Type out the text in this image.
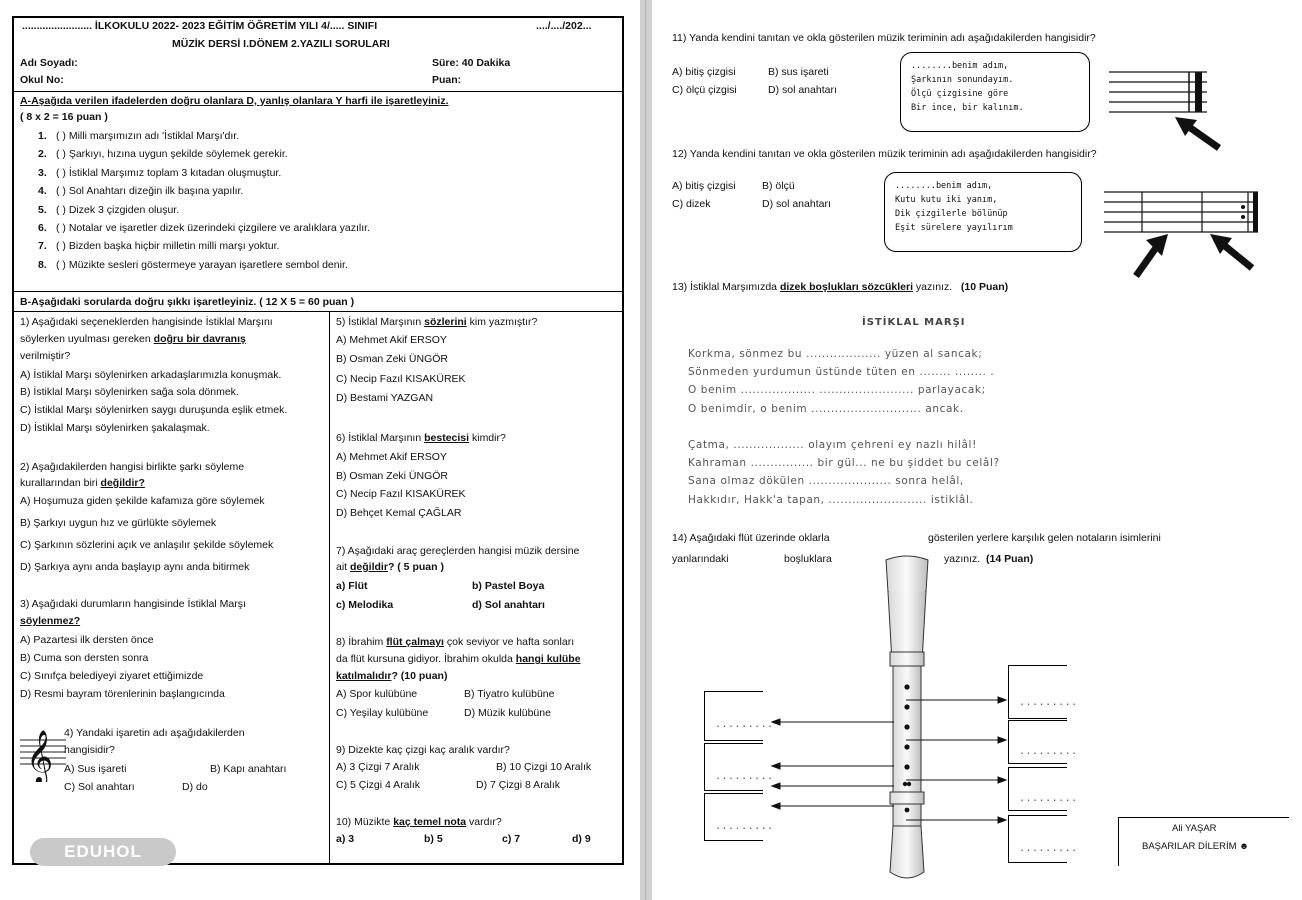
........................ İLKOKULU 2022- 2023 EĞİTİM ÖĞRETİM YILI 4/..... SINIFI	..../..../202...
MÜZİK DERSİ I.DÖNEM 2.YAZILI SORULARI
Adı Soyadı:	Süre: 40 Dakika
Okul No:	Puan:
A-Aşağıda verilen ifadelerden doğru olanlara D, yanlış olanlara Y harfi ile işaretleyiniz.
( 8 x 2 = 16 puan )
1. ( ) Milli marşımızın adı 'İstiklal Marşı'dır.
2. ( ) Şarkıyı, hızına uygun şekilde söylemek gerekir.
3. ( ) İstiklal Marşımız toplam 3 kıtadan oluşmuştur.
4. ( ) Sol Anahtarı dizeğin ilk başına yapılır.
5. ( ) Dizek 3 çizgiden oluşur.
6. ( ) Notalar ve işaretler dizek üzerindeki çizgilere ve aralıklara yazılır.
7. ( ) Bizden başka hiçbir milletin milli marşı yoktur.
8. ( ) Müzikte sesleri göstermeye yarayan işaretlere sembol denir.
B-Aşağıdaki sorularda doğru şıkkı işaretleyiniz. ( 12 X 5 = 60 puan )
1) Aşağıdaki seçeneklerden hangisinde İstiklal Marşını
söylerken uyulması gereken doğru bir davranış
verilmiştir?
A) İstiklal Marşı söylenirken arkadaşlarımızla konuşmak.
B) İstiklal Marşı söylenirken sağa sola dönmek.
C) İstiklal Marşı söylenirken saygı duruşunda eşlik etmek.
D) İstiklal Marşı söylenirken şakalaşmak.
2) Aşağıdakilerden hangisi birlikte şarkı söyleme
kurallarından biri değildir?
A) Hoşumuza giden şekilde kafamıza göre söylemek
B) Şarkıyı uygun hız ve gürlükte söylemek
C) Şarkının sözlerini açık ve anlaşılır şekilde söylemek
D) Şarkıya aynı anda başlayıp aynı anda bitirmek
3) Aşağıdaki durumların hangisinde İstiklal Marşı
söylenmez?
A) Pazartesi ilk dersten önce
B) Cuma son dersten sonra
C) Sınıfça belediyeyi ziyaret ettiğimizde
D) Resmi bayram törenlerinin başlangıcında
𝄞 4) Yandaki işaretin adı aşağıdakilerden
hangisidir?
A) Sus işareti	B) Kapı anahtarı
C) Sol anahtarı	D) do
EDUHOL
5) İstiklal Marşının sözlerini kim yazmıştır?
A) Mehmet Akif ERSOY
B) Osman Zeki ÜNGÖR
C) Necip Fazıl KISAKÜREK
D) Bestami YAZGAN
6) İstiklal Marşının bestecisi kimdir?
A) Mehmet Akif ERSOY
B) Osman Zeki ÜNGÖR
C) Necip Fazıl KISAKÜREK
D) Behçet Kemal ÇAĞLAR
7) Aşağıdaki araç gereçlerden hangisi müzik dersine
ait değildir? ( 5 puan )
a) Flüt	b) Pastel Boya
c) Melodika	d) Sol anahtarı
8) İbrahim flüt çalmayı çok seviyor ve hafta sonları
da flüt kursuna gidiyor. İbrahim okulda hangi kulübe
katılmalıdır? (10 puan)
A) Spor kulübüne	B) Tiyatro kulübüne
C) Yeşilay kulübüne	D) Müzik kulübüne
9) Dizekte kaç çizgi kaç aralık vardır?
A) 3 Çizgi 7 Aralık	B) 10 Çizgi 10 Aralık
C) 5 Çizgi 4 Aralık	D) 7 Çizgi 8 Aralık
10) Müzikte kaç temel nota vardır?
a) 3	b) 5	c) 7	d) 9
11) Yanda kendini tanıtan ve okla gösterilen müzik teriminin adı aşağıdakilerden hangisidir?
A) bitiş çizgisi	B) sus işareti
C) ölçü çizgisi	D) sol anahtarı
........benim adım,
Şarkının sonundayım.
Ölçü çizgisine göre
Bir ince, bir kalınım.
12) Yanda kendini tanıtan ve okla gösterilen müzik teriminin adı aşağıdakilerden hangisidir?
A) bitiş çizgisi	B) ölçü
C) dizek	D) sol anahtarı
........benim adım,
Kutu kutu iki yanım,
Dik çizgilerle bölünüp
Eşit sürelere yayılırım
13) İstiklal Marşımızda dizek boşlukları sözcükleri yazınız. (10 Puan)
İSTİKLAL MARŞI
Korkma, sönmez bu ................... yüzen al sancak;
Sönmeden yurdumun üstünde tüten en ........ ........ .
O benim ................... ........................ parlayacak;
O benimdir, o benim ............................ ancak.
Çatma, .................. olayım çehreni ey nazlı hilâl!
Kahraman ................ bir gül... ne bu şiddet bu celâl?
Sana olmaz dökülen ..................... sonra helâl,
Hakkıdır, Hakk'a tapan, ......................... istiklâl.
14) Aşağıdaki flüt üzerinde oklarla	gösterilen yerlere karşılık gelen notaların isimlerini
yanlarındaki	boşluklara	yazınız. (14 Puan)
.........
.........
.........
.........
.........
.........
.........
Ali YAŞAR
BAŞARILAR DİLERİM ☻
